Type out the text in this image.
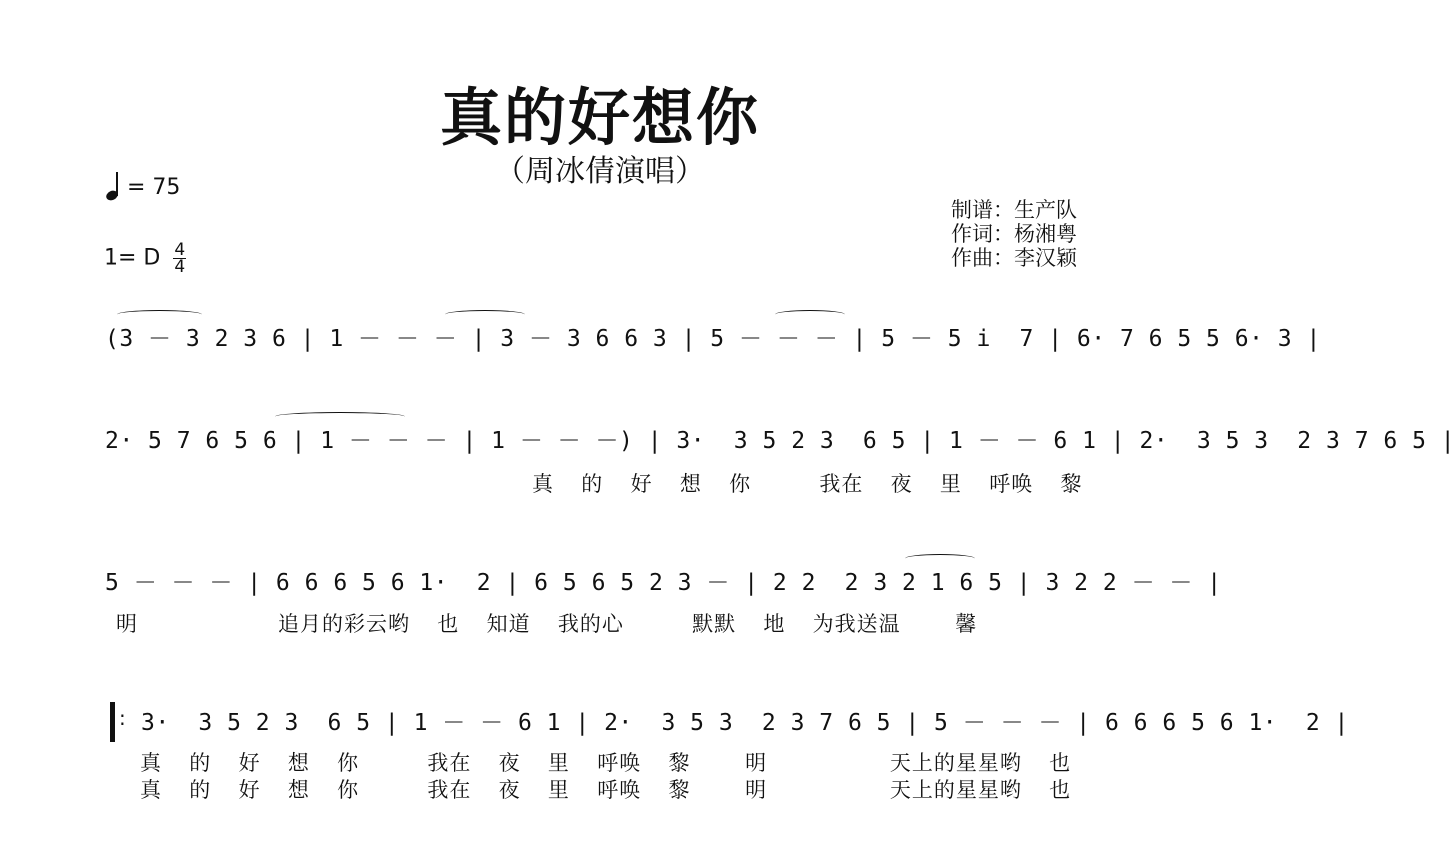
真的好想你
（周冰倩演唱）
= 75
1= D $\frac{4}{4}$
制谱：生产队
作词：杨湘粤
作曲：李汉颖
(3 － 3 2 3 6 | 1 － － － | 3 － 3 6 6 3 | 5 － － － | 5 － 5 i  7 | 6· 7 6 5 5 6· 3 |
2· 5 7 6 5 6 | 1 － － － | 1 － － －) | 3·  3 5 2 3  6 5 | 1 － － 6 1 | 2·  3 5 3  2 3 7 6 5 |
真  的  好  想  你     我在  夜  里  呼唤  黎
5 － － － | 6 6 6 5 6 1·  2 | 6 5 6 5 2 3 － | 2 2  2 3 2 1 6 5 | 3 2 2 － － |
明	追月的彩云哟  也  知道  我的心     默默  地  为我送温    馨
: 3·  3 5 2 3  6 5 | 1 － － 6 1 | 2·  3 5 3  2 3 7 6 5 | 5 － － － | 6 6 6 5 6 1·  2 |
真  的  好  想  你     我在  夜  里  呼唤  黎    明         天上的星星哟  也
真  的  好  想  你     我在  夜  里  呼唤  黎    明         天上的星星哟  也
